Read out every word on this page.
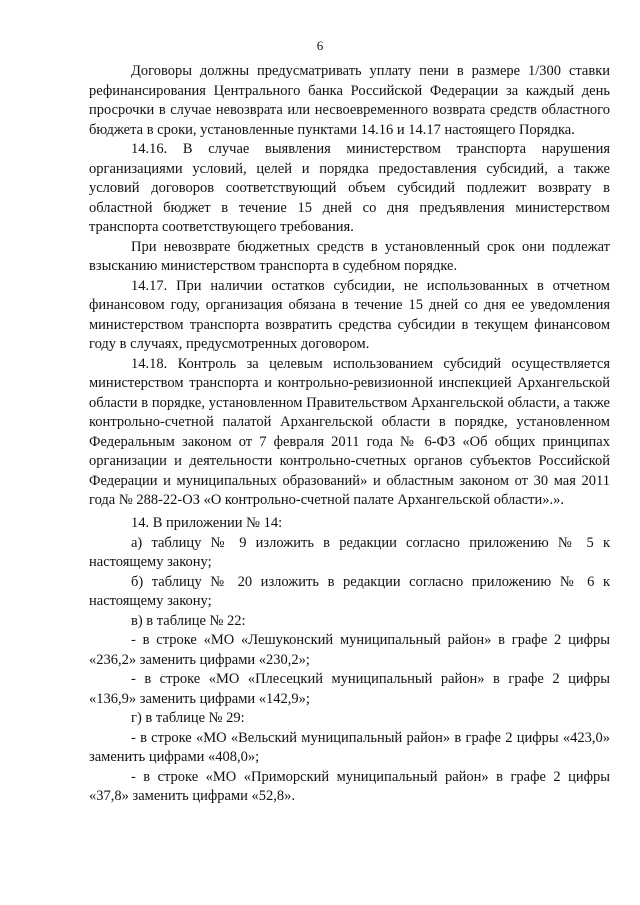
6

Договоры должны предусматривать уплату пени в размере 1/300 ставки рефинансирования Центрального банка Российской Федерации за каждый день просрочки в случае невозврата или несвоевременного возврата средств областного бюджета в сроки, установленные пунктами 14.16 и 14.17 настоящего Порядка.

14.16. В случае выявления министерством транспорта нарушения организациями условий, целей и порядка предоставления субсидий, а также условий договоров соответствующий объем субсидий подлежит возврату в областной бюджет в течение 15 дней со дня предъявления министерством транспорта соответствующего требования.

При невозврате бюджетных средств в установленный срок они подлежат взысканию министерством транспорта в судебном порядке.

14.17. При наличии остатков субсидии, не использованных в отчетном финансовом году, организация обязана в течение 15 дней со дня ее уведомления министерством транспорта возвратить средства субсидии в текущем финансовом году в случаях, предусмотренных договором.

14.18. Контроль за целевым использованием субсидий осуществляется министерством транспорта и контрольно-ревизионной инспекцией Архангельской области в порядке, установленном Правительством Архангельской области, а также контрольно-счетной палатой Архангельской области в порядке, установленном Федеральным законом от 7 февраля 2011 года № 6-ФЗ «Об общих принципах организации и деятельности контрольно-счетных органов субъектов Российской Федерации и муниципальных образований» и областным законом от 30 мая 2011 года № 288-22-ОЗ «О контрольно-счетной палате Архангельской области».».

14. В приложении № 14:

а) таблицу № 9 изложить в редакции согласно приложению № 5 к настоящему закону;

б) таблицу № 20 изложить в редакции согласно приложению № 6 к настоящему закону;

в) в таблице № 22:

- в строке «МО «Лешуконский муниципальный район» в графе 2 цифры «236,2» заменить цифрами «230,2»;

- в строке «МО «Плесецкий муниципальный район» в графе 2 цифры «136,9» заменить цифрами «142,9»;

г) в таблице № 29:

- в строке «МО «Вельский муниципальный район» в графе 2 цифры «423,0» заменить цифрами «408,0»;

- в строке «МО «Приморский муниципальный район» в графе 2 цифры «37,8» заменить цифрами «52,8».
